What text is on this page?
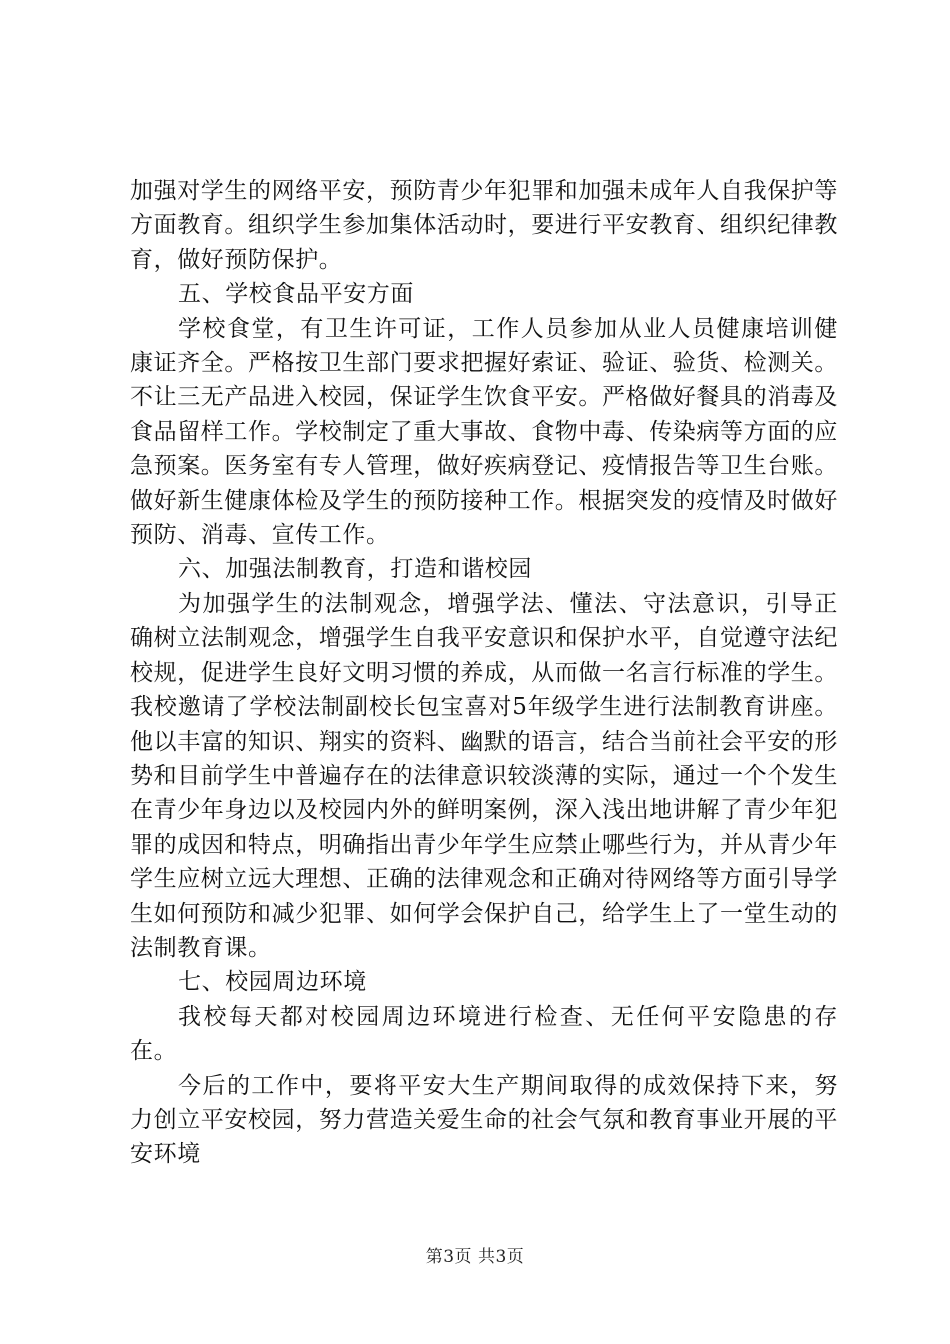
加强对学生的网络平安，预防青少年犯罪和加强未成年人自我保护等方面教育。组织学生参加集体活动时，要进行平安教育、组织纪律教育，做好预防保护。

五、学校食品平安方面

学校食堂，有卫生许可证，工作人员参加从业人员健康培训健康证齐全。严格按卫生部门要求把握好索证、验证、验货、检测关。不让三无产品进入校园，保证学生饮食平安。严格做好餐具的消毒及食品留样工作。学校制定了重大事故、食物中毒、传染病等方面的应急预案。医务室有专人管理，做好疾病登记、疫情报告等卫生台账。做好新生健康体检及学生的预防接种工作。根据突发的疫情及时做好预防、消毒、宣传工作。

六、加强法制教育，打造和谐校园

为加强学生的法制观念，增强学法、懂法、守法意识，引导正确树立法制观念，增强学生自我平安意识和保护水平，自觉遵守法纪校规，促进学生良好文明习惯的养成，从而做一名言行标准的学生。我校邀请了学校法制副校长包宝喜对5年级学生进行法制教育讲座。他以丰富的知识、翔实的资料、幽默的语言，结合当前社会平安的形势和目前学生中普遍存在的法律意识较淡薄的实际，通过一个个发生在青少年身边以及校园内外的鲜明案例，深入浅出地讲解了青少年犯罪的成因和特点，明确指出青少年学生应禁止哪些行为，并从青少年学生应树立远大理想、正确的法律观念和正确对待网络等方面引导学生如何预防和减少犯罪、如何学会保护自己，给学生上了一堂生动的法制教育课。

七、校园周边环境

我校每天都对校园周边环境进行检查、无任何平安隐患的存在。

今后的工作中，要将平安大生产期间取得的成效保持下来，努力创立平安校园，努力营造关爱生命的社会气氛和教育事业开展的平安环境

第3页 共3页
